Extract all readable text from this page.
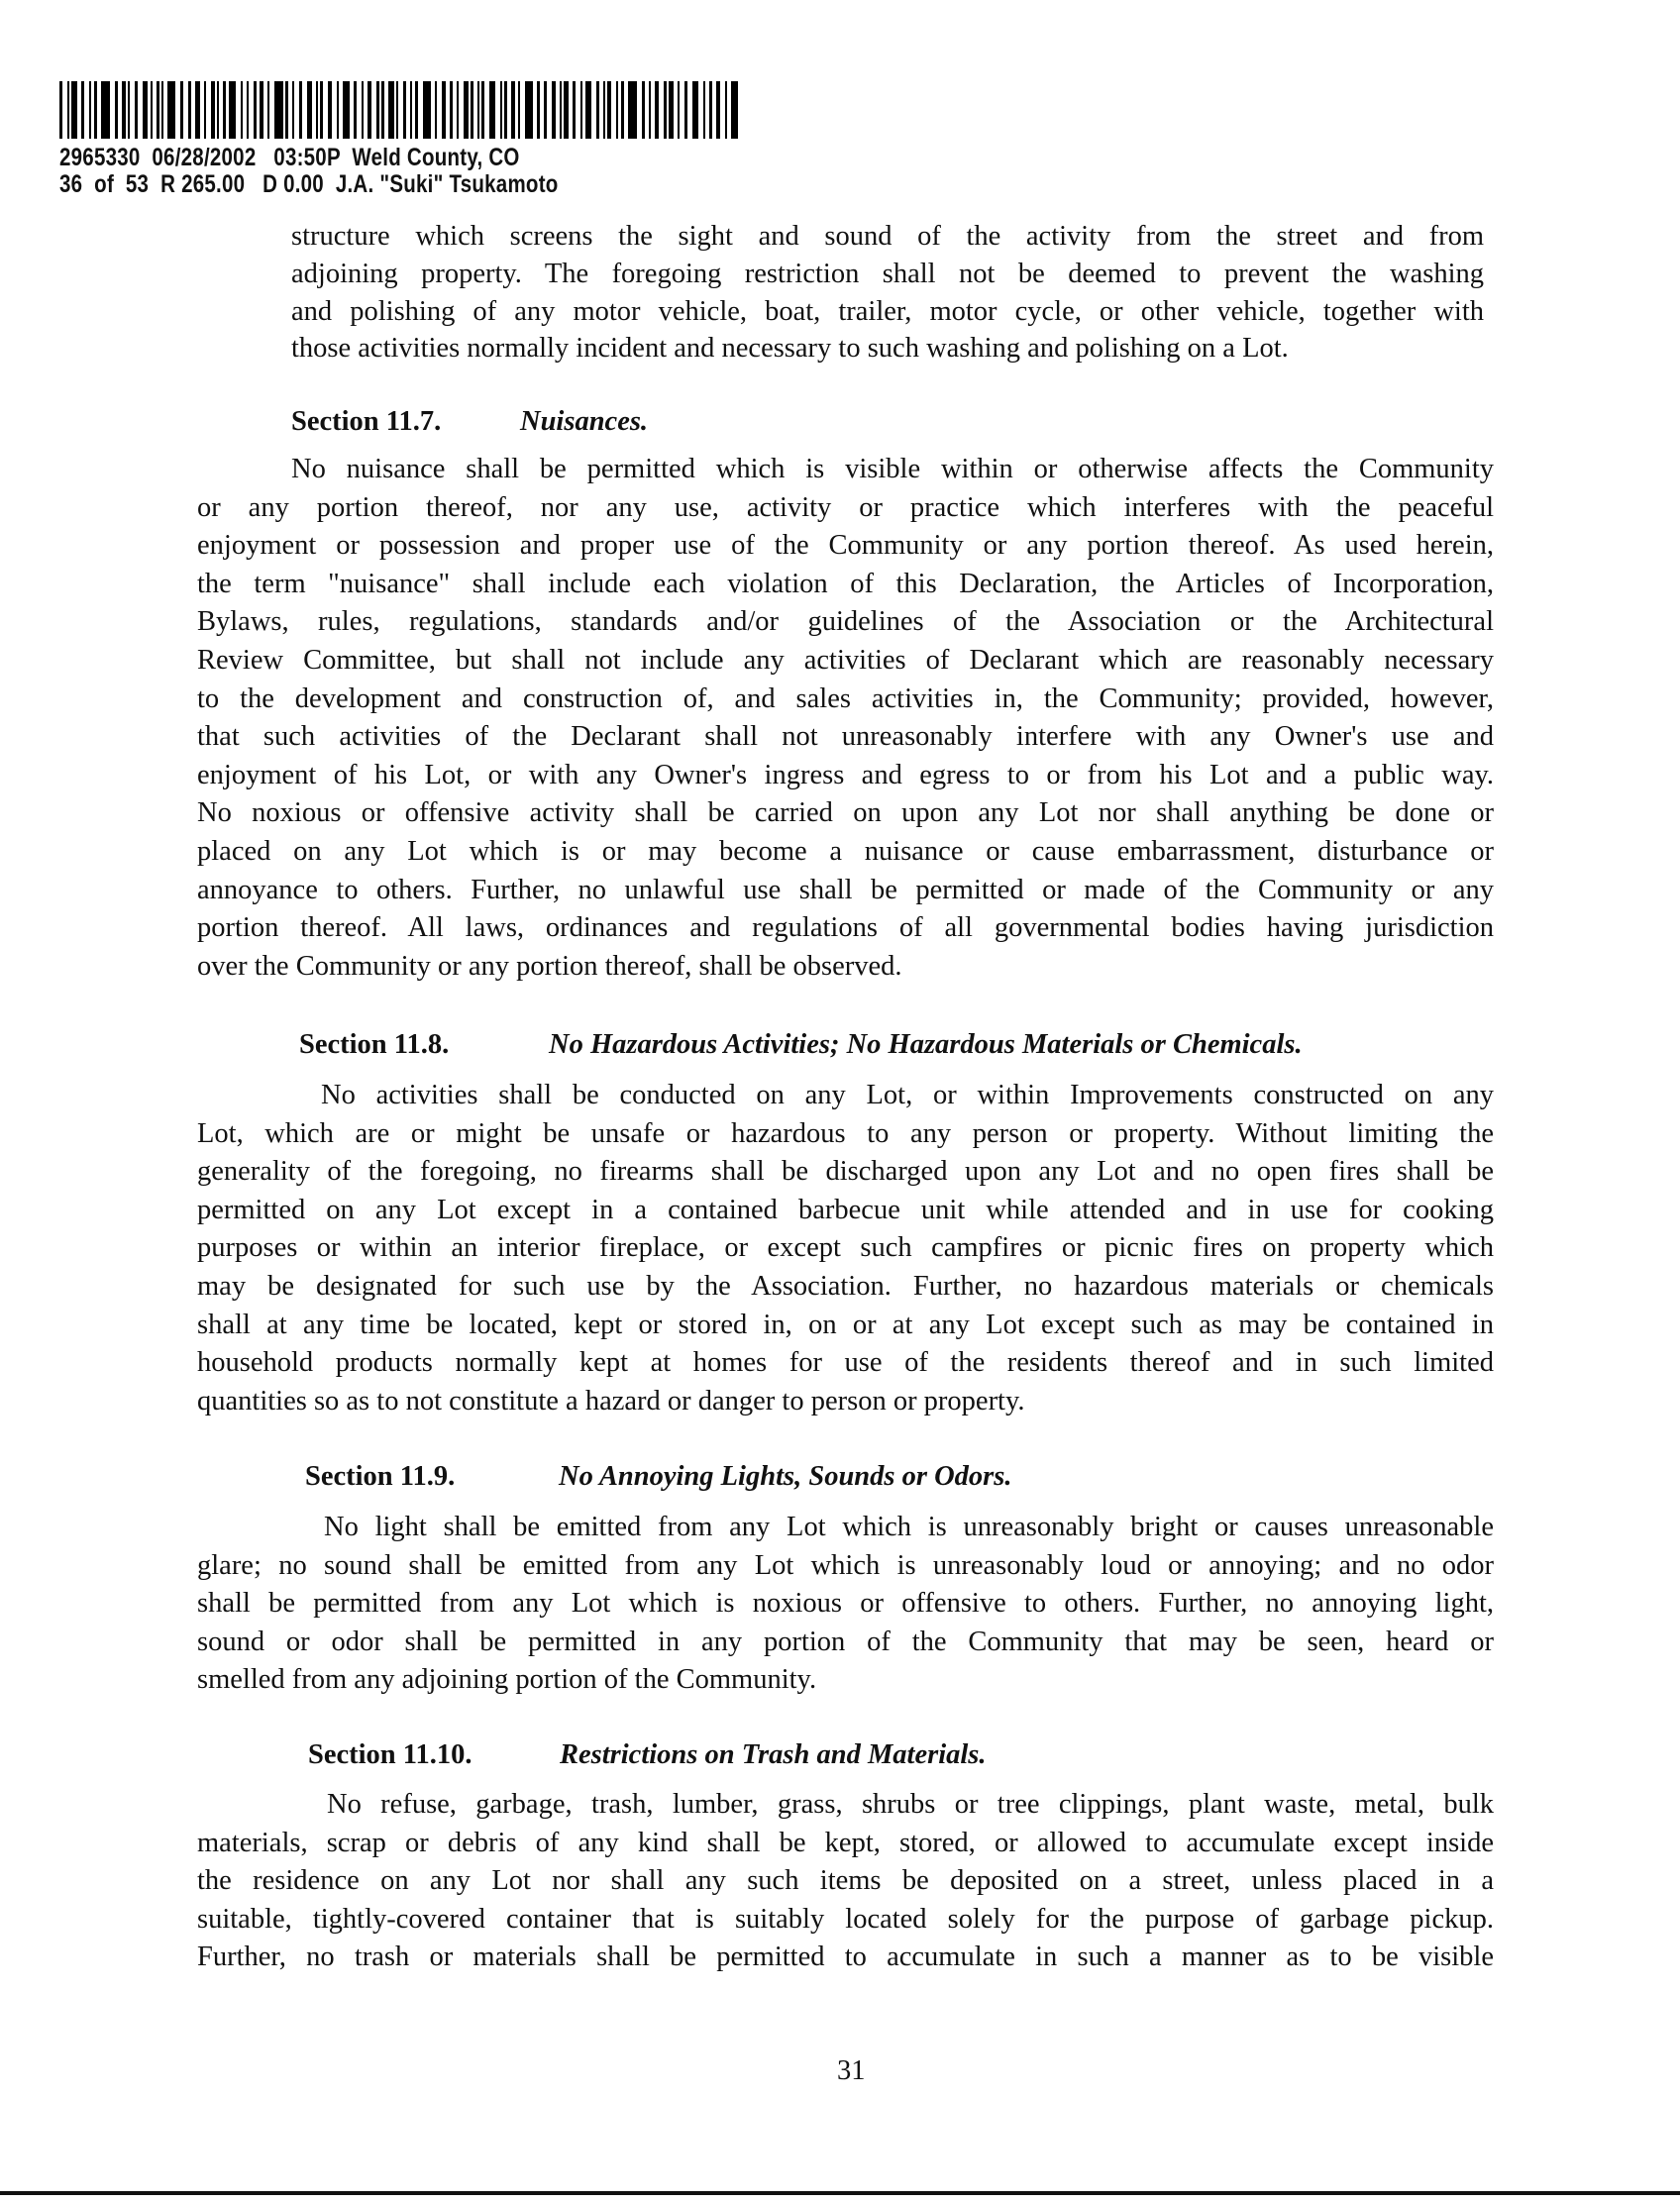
2965330  06/28/2002   03:50P  Weld County, CO
36  of  53  R 265.00   D 0.00  J.A. "Suki" Tsukamoto
structure which screens the sight and sound of the activity from the street and from
adjoining property. The foregoing restriction shall not be deemed to prevent the washing
and polishing of any motor vehicle, boat, trailer, motor cycle, or other vehicle, together with
those activities normally incident and necessary to such washing and polishing on a Lot.
Section 11.7.	Nuisances.
No nuisance shall be permitted which is visible within or otherwise affects the Community
or any portion thereof, nor any use, activity or practice which interferes with the peaceful
enjoyment or possession and proper use of the Community or any portion thereof. As used herein,
the term "nuisance" shall include each violation of this Declaration, the Articles of Incorporation,
Bylaws, rules, regulations, standards and/or guidelines of the Association or the Architectural
Review Committee, but shall not include any activities of Declarant which are reasonably necessary
to the development and construction of, and sales activities in, the Community; provided, however,
that such activities of the Declarant shall not unreasonably interfere with any Owner's use and
enjoyment of his Lot, or with any Owner's ingress and egress to or from his Lot and a public way.
No noxious or offensive activity shall be carried on upon any Lot nor shall anything be done or
placed on any Lot which is or may become a nuisance or cause embarrassment, disturbance or
annoyance to others. Further, no unlawful use shall be permitted or made of the Community or any
portion thereof. All laws, ordinances and regulations of all governmental bodies having jurisdiction
over the Community or any portion thereof, shall be observed.
Section 11.8.	No Hazardous Activities; No Hazardous Materials or Chemicals.
No activities shall be conducted on any Lot, or within Improvements constructed on any
Lot, which are or might be unsafe or hazardous to any person or property. Without limiting the
generality of the foregoing, no firearms shall be discharged upon any Lot and no open fires shall be
permitted on any Lot except in a contained barbecue unit while attended and in use for cooking
purposes or within an interior fireplace, or except such campfires or picnic fires on property which
may be designated for such use by the Association. Further, no hazardous materials or chemicals
shall at any time be located, kept or stored in, on or at any Lot except such as may be contained in
household products normally kept at homes for use of the residents thereof and in such limited
quantities so as to not constitute a hazard or danger to person or property.
Section 11.9.	No Annoying Lights, Sounds or Odors.
No light shall be emitted from any Lot which is unreasonably bright or causes unreasonable
glare; no sound shall be emitted from any Lot which is unreasonably loud or annoying; and no odor
shall be permitted from any Lot which is noxious or offensive to others. Further, no annoying light,
sound or odor shall be permitted in any portion of the Community that may be seen, heard or
smelled from any adjoining portion of the Community.
Section 11.10.	Restrictions on Trash and Materials.
No refuse, garbage, trash, lumber, grass, shrubs or tree clippings, plant waste, metal, bulk
materials, scrap or debris of any kind shall be kept, stored, or allowed to accumulate except inside
the residence on any Lot nor shall any such items be deposited on a street, unless placed in a
suitable, tightly-covered container that is suitably located solely for the purpose of garbage pickup.
Further, no trash or materials shall be permitted to accumulate in such a manner as to be visible
31
